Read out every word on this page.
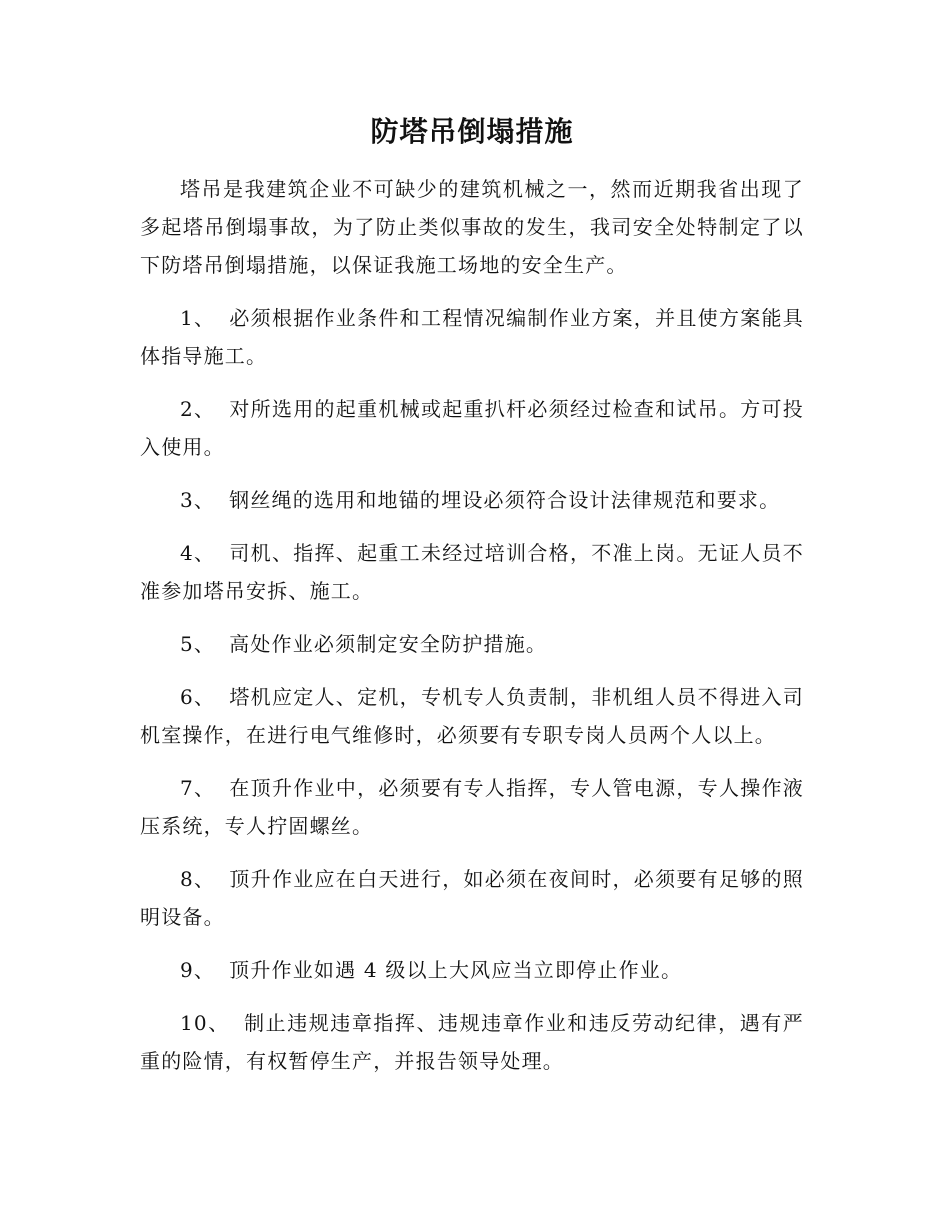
防塔吊倒塌措施

塔吊是我建筑企业不可缺少的建筑机械之一，然而近期我省出现了多起塔吊倒塌事故，为了防止类似事故的发生，我司安全处特制定了以下防塔吊倒塌措施，以保证我施工场地的安全生产。

1、 必须根据作业条件和工程情况编制作业方案，并且使方案能具体指导施工。

2、 对所选用的起重机械或起重扒杆必须经过检查和试吊。方可投入使用。

3、 钢丝绳的选用和地锚的埋设必须符合设计法律规范和要求。

4、 司机、指挥、起重工未经过培训合格，不准上岗。无证人员不准参加塔吊安拆、施工。

5、 高处作业必须制定安全防护措施。

6、 塔机应定人、定机，专机专人负责制，非机组人员不得进入司机室操作，在进行电气维修时，必须要有专职专岗人员两个人以上。

7、 在顶升作业中，必须要有专人指挥，专人管电源，专人操作液压系统，专人拧固螺丝。

8、 顶升作业应在白天进行，如必须在夜间时，必须要有足够的照明设备。

9、 顶升作业如遇 4 级以上大风应当立即停止作业。

10、 制止违规违章指挥、违规违章作业和违反劳动纪律，遇有严重的险情，有权暂停生产，并报告领导处理。
